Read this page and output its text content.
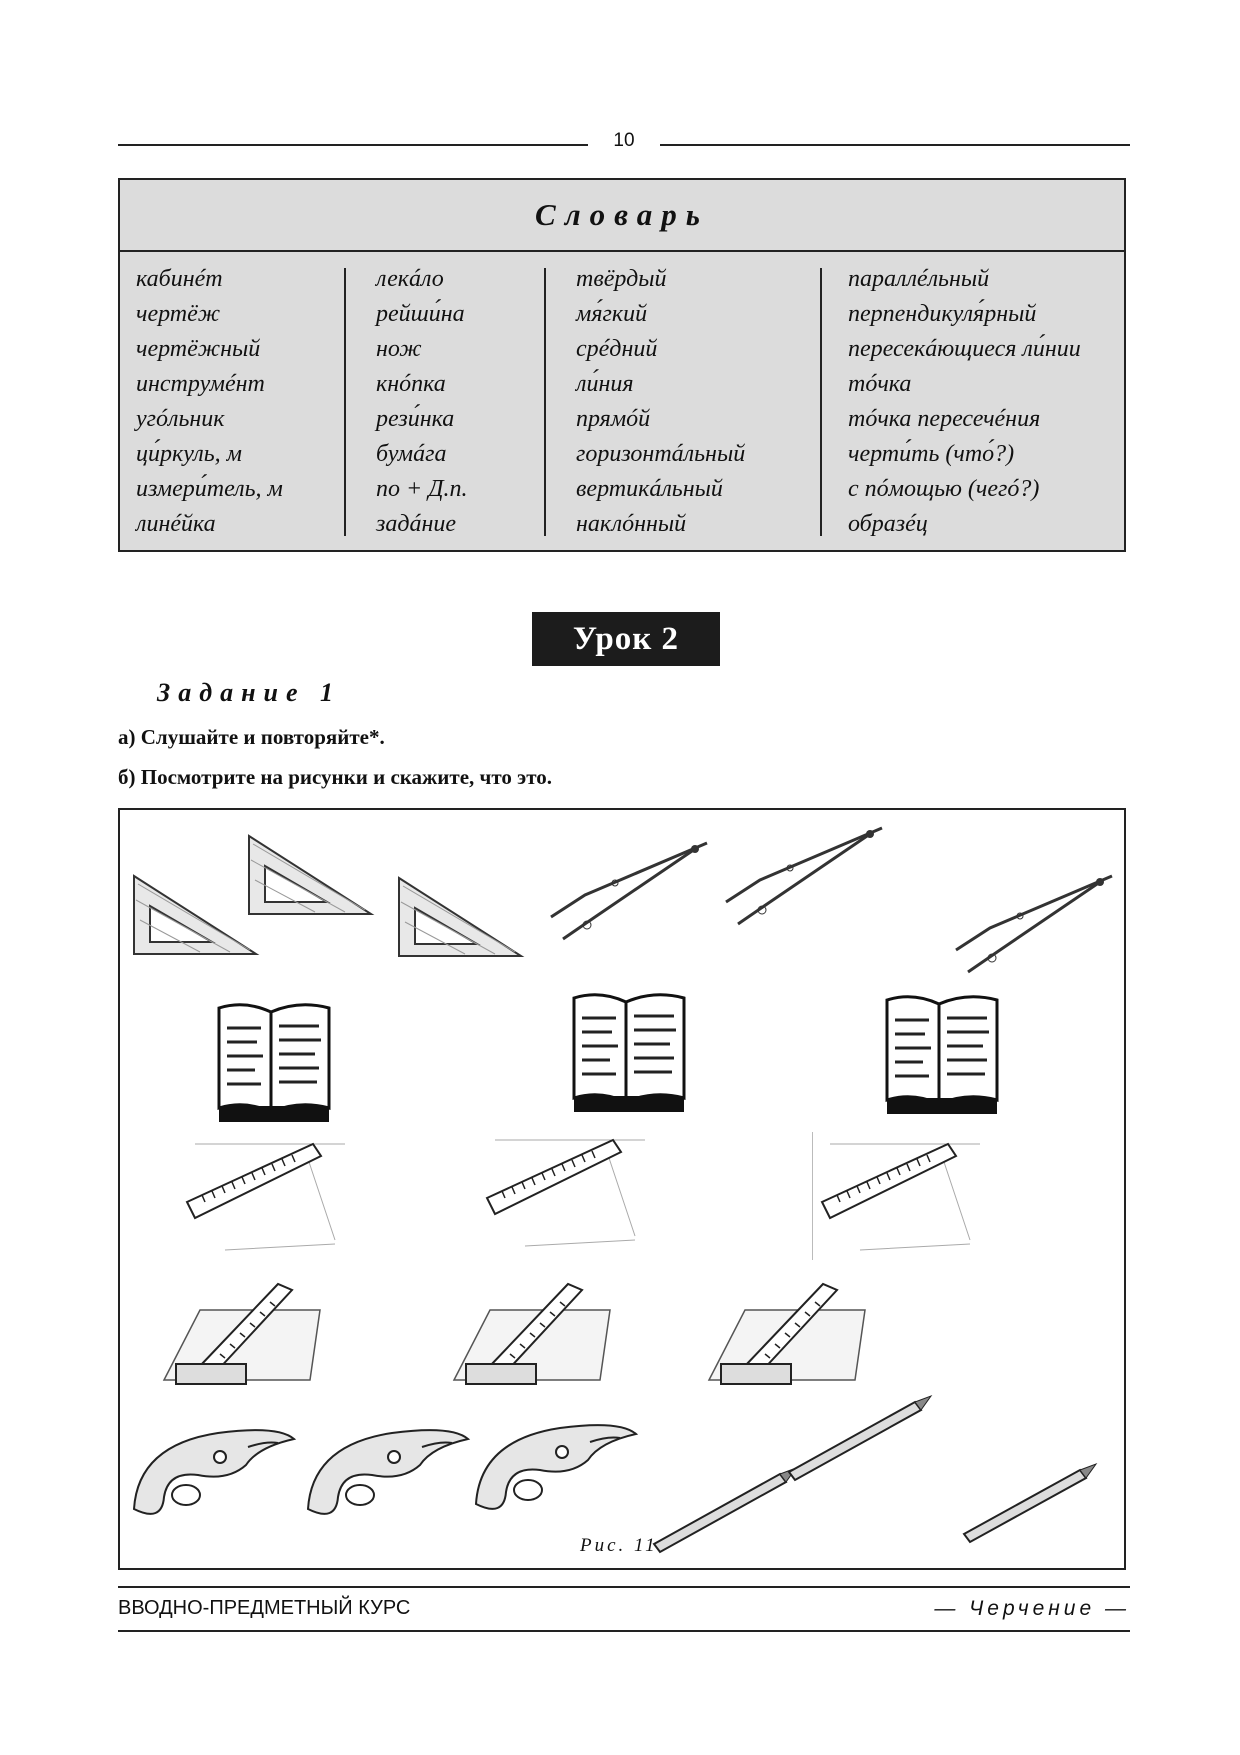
10
Словарь
кабинéт
чертёж
чертёжный
инструмéнт
угóльник
ци́ркуль, м
измери́тель, м
линéйка
лекáло
рейши́на
нож
кнóпка
рези́нка
бумáга
по + Д.п.
задáние
твёрдый
мя́гкий
срéдний
ли́ния
прямóй
горизонтáльный
вертикáльный
наклóнный
параллéльный
перпендикуля́рный
пересекáющиеся ли́нии
тóчка
тóчка пересечéния
черти́ть (что́?)
с пóмощью (чегó?)
образéц
Урок 2
Задание 1
а) Слушайте и повторяйте*.
б) Посмотрите на рисунки и скажите, что это.
Рис. 11
ВВОДНО-ПРЕДМЕТНЫЙ КУРС	— Черчение —
